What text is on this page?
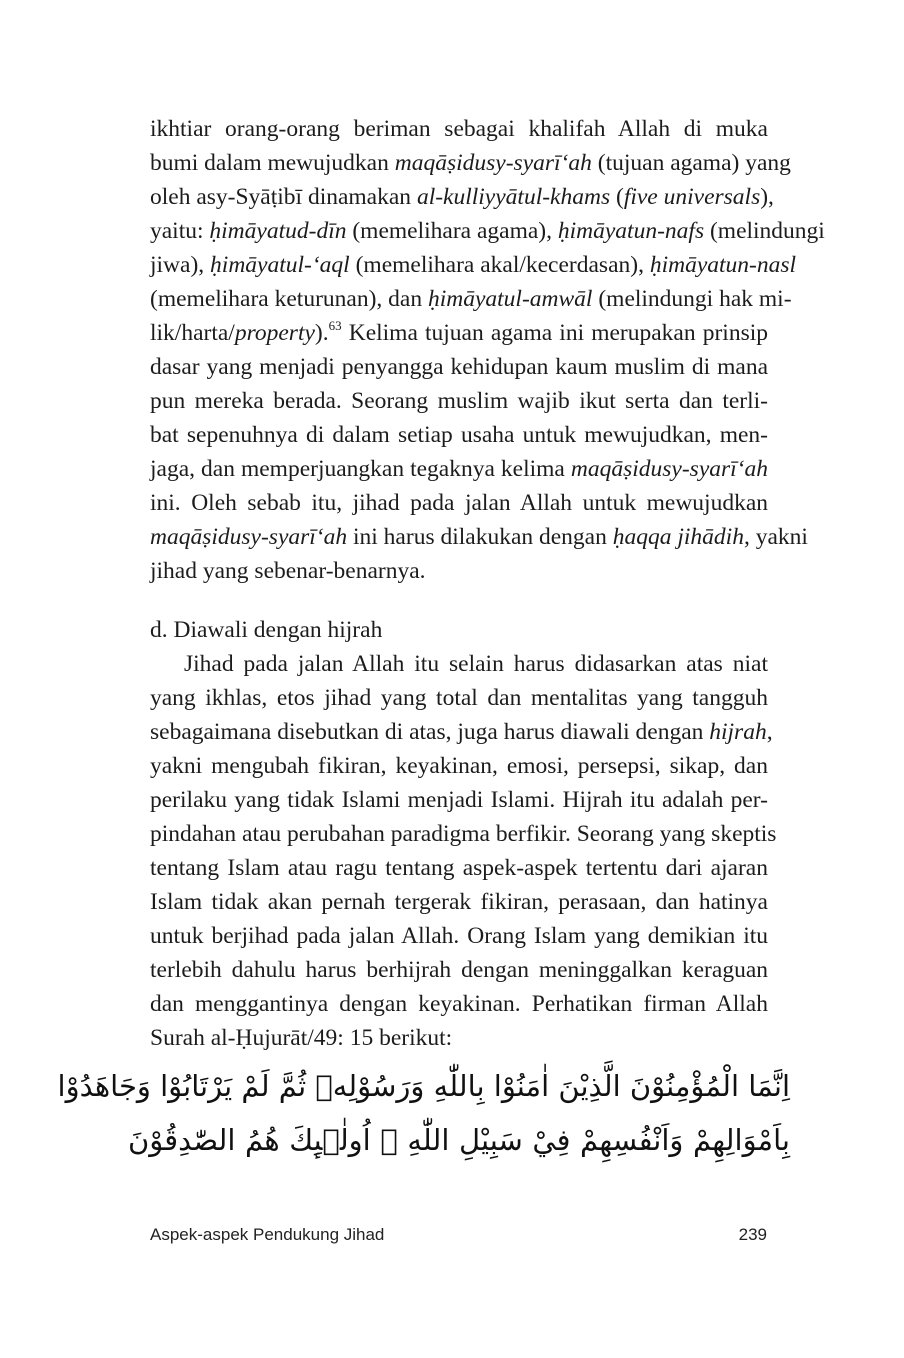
ikhtiar orang-orang beriman sebagai khalifah Allah di muka
bumi dalam mewujudkan maqāṣidusy-syarī‘ah (tujuan agama) yang
oleh asy-Syāṭibī dinamakan al-kulliyyātul-khams (five universals),
yaitu: ḥimāyatud-dīn (memelihara agama), ḥimāyatun-nafs (melindungi
jiwa), ḥimāyatul-‘aql (memelihara akal/kecerdasan), ḥimāyatun-nasl
(memelihara keturunan), dan ḥimāyatul-amwāl (melindungi hak mi-
lik/harta/property).$^{63}$ Kelima tujuan agama ini merupakan prinsip
dasar yang menjadi penyangga kehidupan kaum muslim di mana
pun mereka berada. Seorang muslim wajib ikut serta dan terli-
bat sepenuhnya di dalam setiap usaha untuk mewujudkan, men-
jaga, dan memperjuangkan tegaknya kelima maqāṣidusy-syarī‘ah
ini. Oleh sebab itu, jihad pada jalan Allah untuk mewujudkan
maqāṣidusy-syarī‘ah ini harus dilakukan dengan ḥaqqa jihādih, yakni
jihad yang sebenar-benarnya.
d. Diawali dengan hijrah
Jihad pada jalan Allah itu selain harus didasarkan atas niat
yang ikhlas, etos jihad yang total dan mentalitas yang tangguh
sebagaimana disebutkan di atas, juga harus diawali dengan hijrah,
yakni mengubah fikiran, keyakinan, emosi, persepsi, sikap, dan
perilaku yang tidak Islami menjadi Islami. Hijrah itu adalah per-
pindahan atau perubahan paradigma berfikir. Seorang yang skeptis
tentang Islam atau ragu tentang aspek-aspek tertentu dari ajaran
Islam tidak akan pernah tergerak fikiran, perasaan, dan hatinya
untuk berjihad pada jalan Allah. Orang Islam yang demikian itu
terlebih dahulu harus berhijrah dengan meninggalkan keraguan
dan menggantinya dengan keyakinan. Perhatikan firman Allah
Surah al-Ḥujurāt/49: 15 berikut:
اِنَّمَا الْمُؤْمِنُوْنَ الَّذِيْنَ اٰمَنُوْا بِاللّٰهِ وَرَسُوْلِهٖ ثُمَّ لَمْ يَرْتَابُوْا وَجَاهَدُوْا
بِاَمْوَالِهِمْ وَاَنْفُسِهِمْ فِيْ سَبِيْلِ اللّٰهِ ۗ اُولٰۤىِٕكَ هُمُ الصّٰدِقُوْنَ
Aspek-aspek Pendukung Jihad	239
